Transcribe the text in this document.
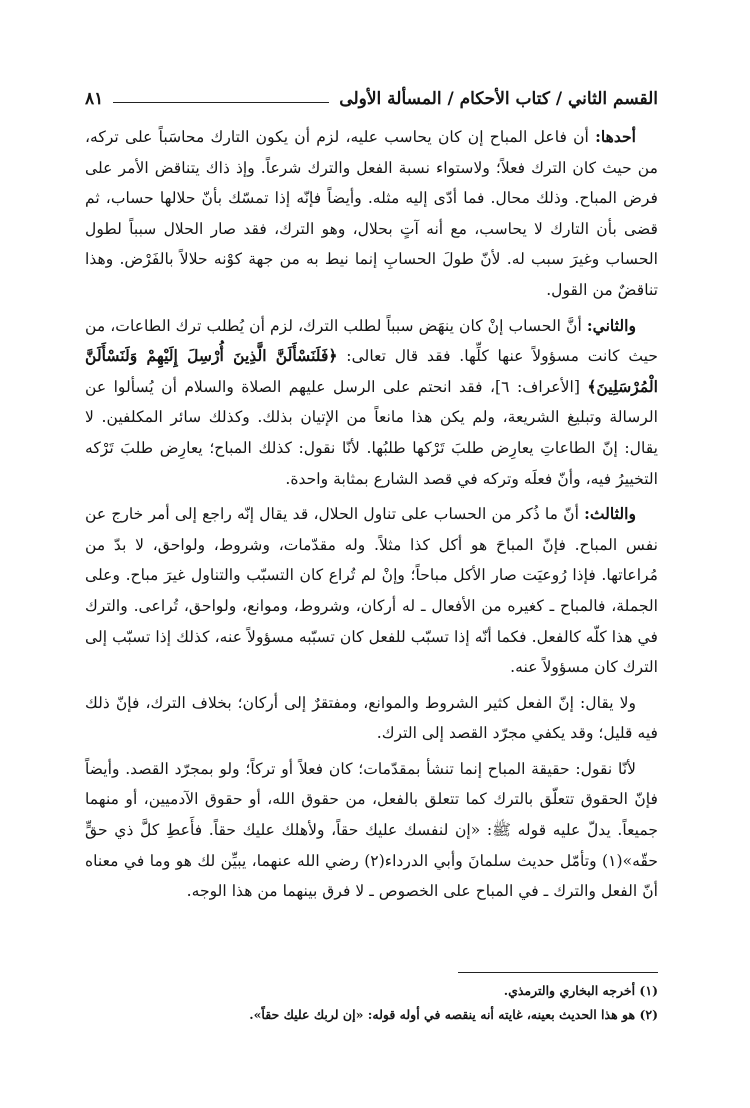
القسم الثاني / كتاب الأحكام / المسألة الأولى
٨١

أحدها: أن فاعل المباح إن كان يحاسب عليه، لزم أن يكون التارك محاسَباً على تركه، من حيث كان الترك فعلاً؛ ولاستواء نسبة الفعل والترك شرعاً. وإذ ذاك يتناقض الأمر على فرض المباح. وذلك محال. فما أدّى إليه مثله. وأيضاً فإنّه إذا تمسّك بأنّ حلالها حساب، ثم قضى بأن التارك لا يحاسب، مع أنه آتٍ بحلال، وهو الترك، فقد صار الحلال سبباً لطول الحساب وغيرَ سبب له. لأنّ طولَ الحسابِ إنما نيط به من جهة كوْنه حلالاً بالفَرْض. وهذا تناقضٌ من القول.

والثاني: أنَّ الحساب إنْ كان ينهَض سبباً لطلب الترك، لزم أن يُطلب ترك الطاعات، من حيث كانت مسؤولاً عنها كلِّها. فقد قال تعالى: ﴿فَلَنَسْأَلَنَّ الَّذِينَ أُرْسِلَ إِلَيْهِمْ وَلَنَسْأَلَنَّ الْمُرْسَلِينَ﴾ [الأعراف: ٦]، فقد انحتم على الرسل عليهم الصلاة والسلام أن يُسألوا عن الرسالة وتبليغ الشريعة، ولم يكن هذا مانعاً من الإتيان بذلك. وكذلك سائر المكلفين. لا يقال: إنّ الطاعاتِ يعارِض طلبَ تَرْكها طلبُها. لأنّا نقول: كذلك المباح؛ يعارِض طلبَ تَرْكه التخييرُ فيه، وأنّ فعلَه وتركه في قصد الشارع بمثابة واحدة.

والثالث: أنّ ما ذُكر من الحساب على تناول الحلال، قد يقال إنّه راجع إلى أمر خارج عن نفس المباح. فإنّ المباحَ هو أكل كذا مثلاً. وله مقدّمات، وشروط، ولواحق، لا بدّ من مُراعاتها. فإذا رُوعيَت صار الأكل مباحاً؛ وإنْ لم تُراع كان التسبّب والتناول غيرَ مباح. وعلى الجملة، فالمباح ـ كغيره من الأفعال ـ له أركان، وشروط، وموانع، ولواحق، تُراعى. والترك في هذا كلّه كالفعل. فكما أنّه إذا تسبّب للفعل كان تسبّبه مسؤولاً عنه، كذلك إذا تسبّب إلى الترك كان مسؤولاً عنه.

ولا يقال: إنّ الفعل كثير الشروط والموانع، ومفتقرٌ إلى أركان؛ بخلاف الترك، فإنّ ذلك فيه قليل؛ وقد يكفي مجرّد القصد إلى الترك.

لأنّا نقول: حقيقة المباح إنما تنشأ بمقدّمات؛ كان فعلاً أو تركاً؛ ولو بمجرّد القصد. وأيضاً فإنّ الحقوق تتعلّق بالترك كما تتعلق بالفعل، من حقوق الله، أو حقوق الآدميين، أو منهما جميعاً. يدلّ عليه قوله ﷺ: «إن لنفسك عليك حقاً، ولأهلك عليك حقاً. فأَعطِ كلَّ ذي حقٍّ حقّه»(١) وتأمّل حديث سلمانَ وأبي الدرداء(٢) رضي الله عنهما، يبيِّن لك هو وما في معناه أنّ الفعل والترك ـ في المباح على الخصوص ـ لا فرق بينهما من هذا الوجه.

(١) أخرجه البخاري والترمذي.

(٢) هو هذا الحديث بعينه، غايته أنه ينقصه في أوله قوله: «إن لربك عليك حقاً».
